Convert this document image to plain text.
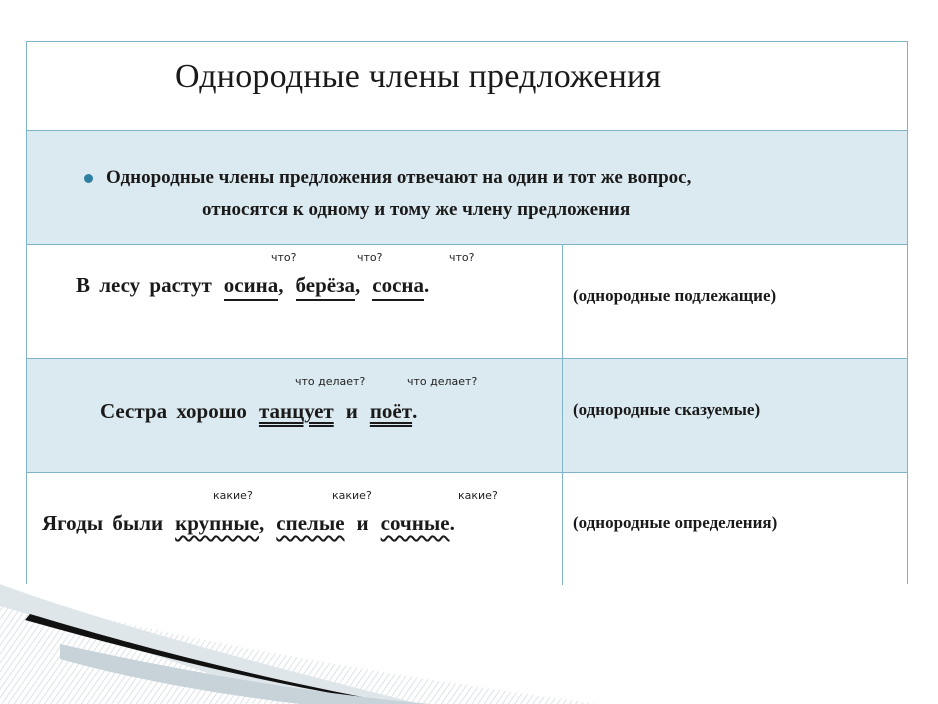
Однородные члены предложения
Однородные члены предложения отвечают на один и тот же вопрос,
относятся к одному и тому же члену предложения
что?	что?	что?
В лесу растут осина, берёза, сосна.	(однородные подлежащие)
что делает?	что делает?
Сестра хорошо танцует и поёт.	(однородные сказуемые)
какие?	какие?	какие?
Ягоды были крупные, спелые и сочные.	(однородные определения)
